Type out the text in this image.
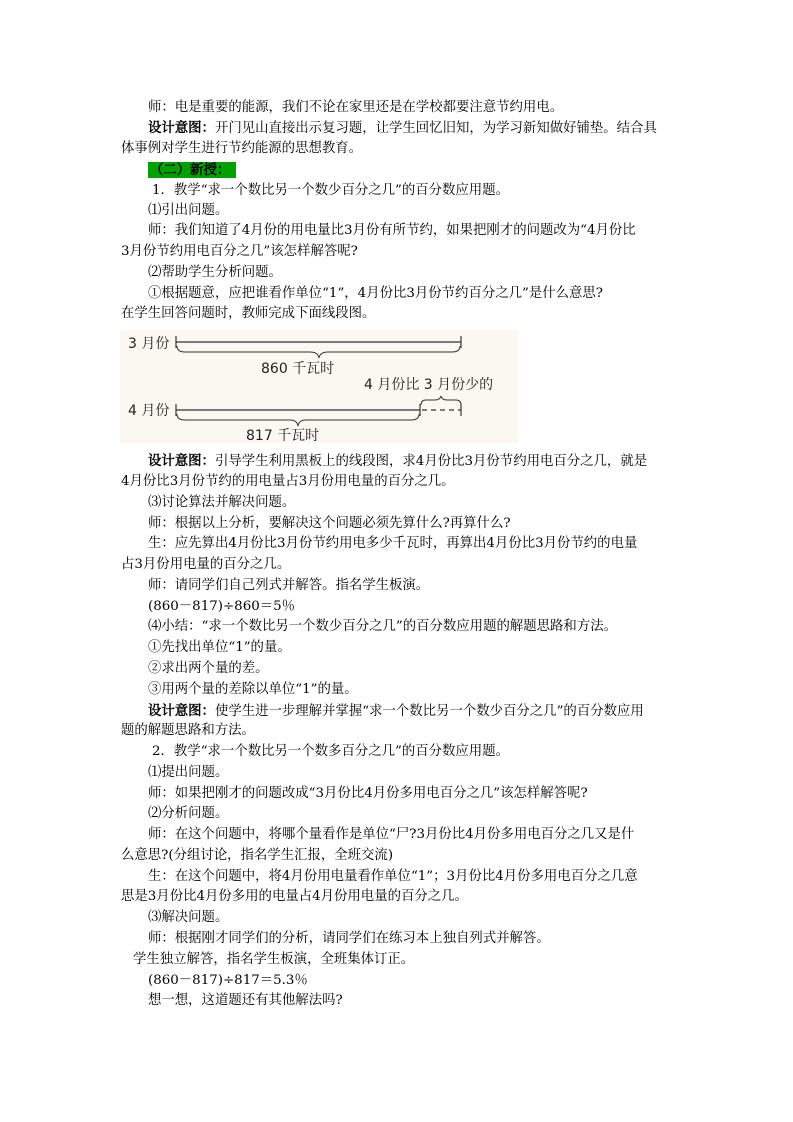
师：电是重要的能源，我们不论在家里还是在学校都要注意节约用电。
设计意图：开门见山直接出示复习题，让学生回忆旧知，为学习新知做好铺垫。结合具
体事例对学生进行节约能源的思想教育。
（二）新授：
1．教学“求一个数比另一个数少百分之几”的百分数应用题。
⑴引出问题。
师：我们知道了4月份的用电量比3月份有所节约，如果把刚才的问题改为“4月份比
3月份节约用电百分之几”该怎样解答呢?
⑵帮助学生分析问题。
①根据题意，应把谁看作单位“1”，4月份比3月份节约百分之几”是什么意思?
在学生回答问题时，教师完成下面线段图。
3 月份
860 千瓦时
4 月份比 3 月份少的
4 月份
817 千瓦时
设计意图：引导学生利用黑板上的线段图，求4月份比3月份节约用电百分之几，就是
4月份比3月份节约的用电量占3月份用电量的百分之几。
⑶讨论算法并解决问题。
师：根据以上分析，要解决这个问题必须先算什么?再算什么?
生：应先算出4月份比3月份节约用电多少千瓦时，再算出4月份比3月份节约的电量
占3月份用电量的百分之几。
师：请同学们自己列式并解答。指名学生板演。
(860－817)÷860＝5％
⑷小结：“求一个数比另一个数少百分之几”的百分数应用题的解题思路和方法。
①先找出单位“1”的量。
②求出两个量的差。
③用两个量的差除以单位“1”的量。
设计意图：使学生进一步理解并掌握“求一个数比另一个数少百分之几”的百分数应用
题的解题思路和方法。
2．教学“求一个数比另一个数多百分之几”的百分数应用题。
⑴提出问题。
师：如果把刚才的问题改成“3月份比4月份多用电百分之几”该怎样解答呢?
⑵分析问题。
师：在这个问题中，将哪个量看作是单位“尸?3月份比4月份多用电百分之几又是什
么意思?(分组讨论，指名学生汇报，全班交流)
生：在这个问题中，将4月份用电量看作单位“1”；3月份比4月份多用电百分之几意
思是3月份比4月份多用的电量占4月份用电量的百分之几。
⑶解决问题。
师：根据刚才同学们的分析，请同学们在练习本上独自列式并解答。
学生独立解答，指名学生板演，全班集体订正。
(860－817)÷817＝5.3％
想一想，这道题还有其他解法吗?
